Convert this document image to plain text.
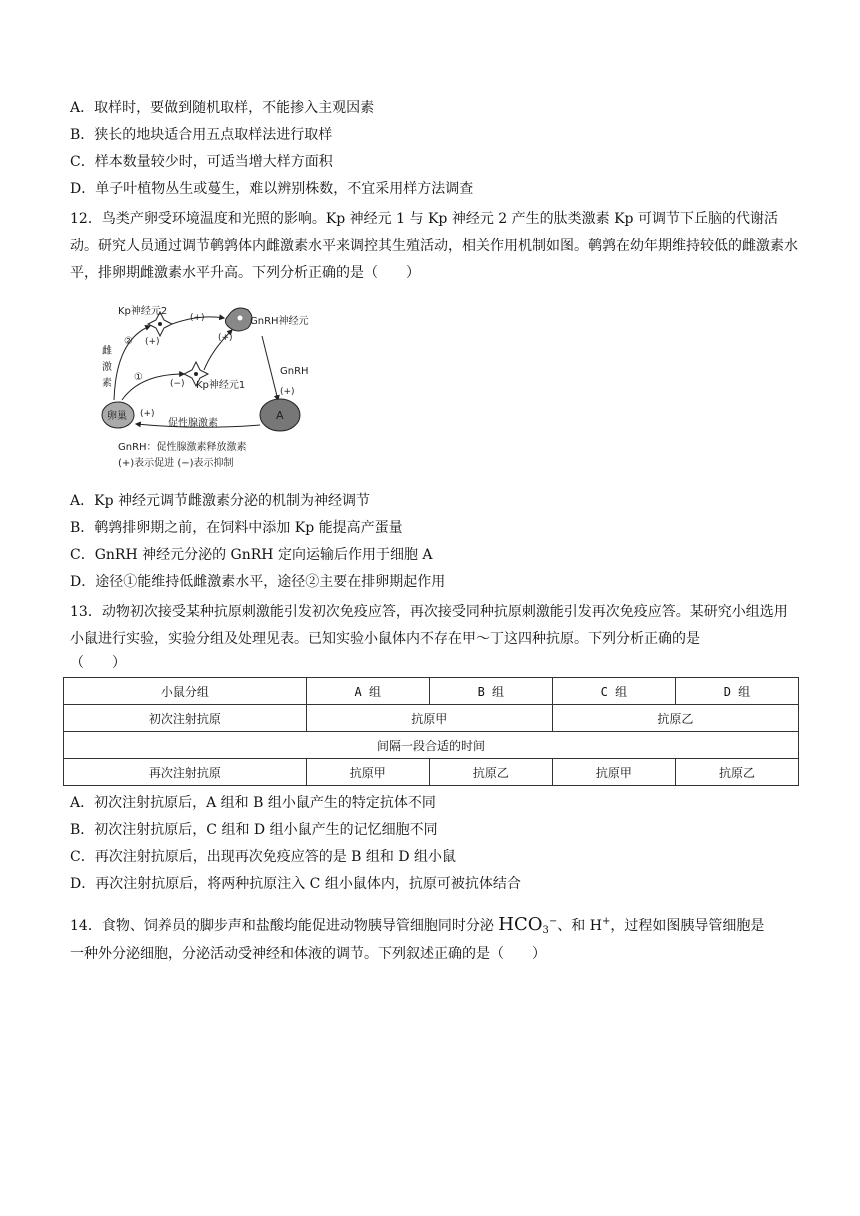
A．取样时，要做到随机取样，不能掺入主观因素
B．狭长的地块适合用五点取样法进行取样
C．样本数量较少时，可适当增大样方面积
D．单子叶植物丛生或蔓生，难以辨别株数，不宜采用样方法调查
12．鸟类产卵受环境温度和光照的影响。Kp 神经元 1 与 Kp 神经元 2 产生的肽类激素 Kp 可调节下丘脑的代谢活动。研究人员通过调节鹌鹑体内雌激素水平来调控其生殖活动，相关作用机制如图。鹌鹑在幼年期维持较低的雌激素水平，排卵期雌激素水平升高。下列分析正确的是（　　）
Kp神经元2
(+)
GnRH神经元
(+)
(+)
Kp神经元1
(−)
GnRH
(+)
A
卵巢 (+)
促性腺激素
雌
激
素
②
①
GnRH：促性腺激素释放激素
(+)表示促进 (−)表示抑制
A．Kp 神经元调节雌激素分泌的机制为神经调节
B．鹌鹑排卵期之前，在饲料中添加 Kp 能提高产蛋量
C．GnRH 神经元分泌的 GnRH 定向运输后作用于细胞 A
D．途径①能维持低雌激素水平，途径②主要在排卵期起作用
13．动物初次接受某种抗原刺激能引发初次免疫应答，再次接受同种抗原刺激能引发再次免疫应答。某研究小组选用小鼠进行实验，实验分组及处理见表。已知实验小鼠体内不存在甲～丁这四种抗原。下列分析正确的是
（　　）
小鼠分组	A 组	B 组	C 组	D 组
初次注射抗原	抗原甲		抗原乙	
间隔一段合适的时间				
再次注射抗原	抗原甲	抗原乙	抗原甲	抗原乙
A．初次注射抗原后，A 组和 B 组小鼠产生的特定抗体不同
B．初次注射抗原后，C 组和 D 组小鼠产生的记忆细胞不同
C．再次注射抗原后，出现再次免疫应答的是 B 组和 D 组小鼠
D．再次注射抗原后，将两种抗原注入 C 组小鼠体内，抗原可被抗体结合
14．食物、饲养员的脚步声和盐酸均能促进动物胰导管细胞同时分泌 $HCO_3^-$、和 H+，过程如图胰导管细胞是
一种外分泌细胞，分泌活动受神经和体液的调节。下列叙述正确的是（　　）
